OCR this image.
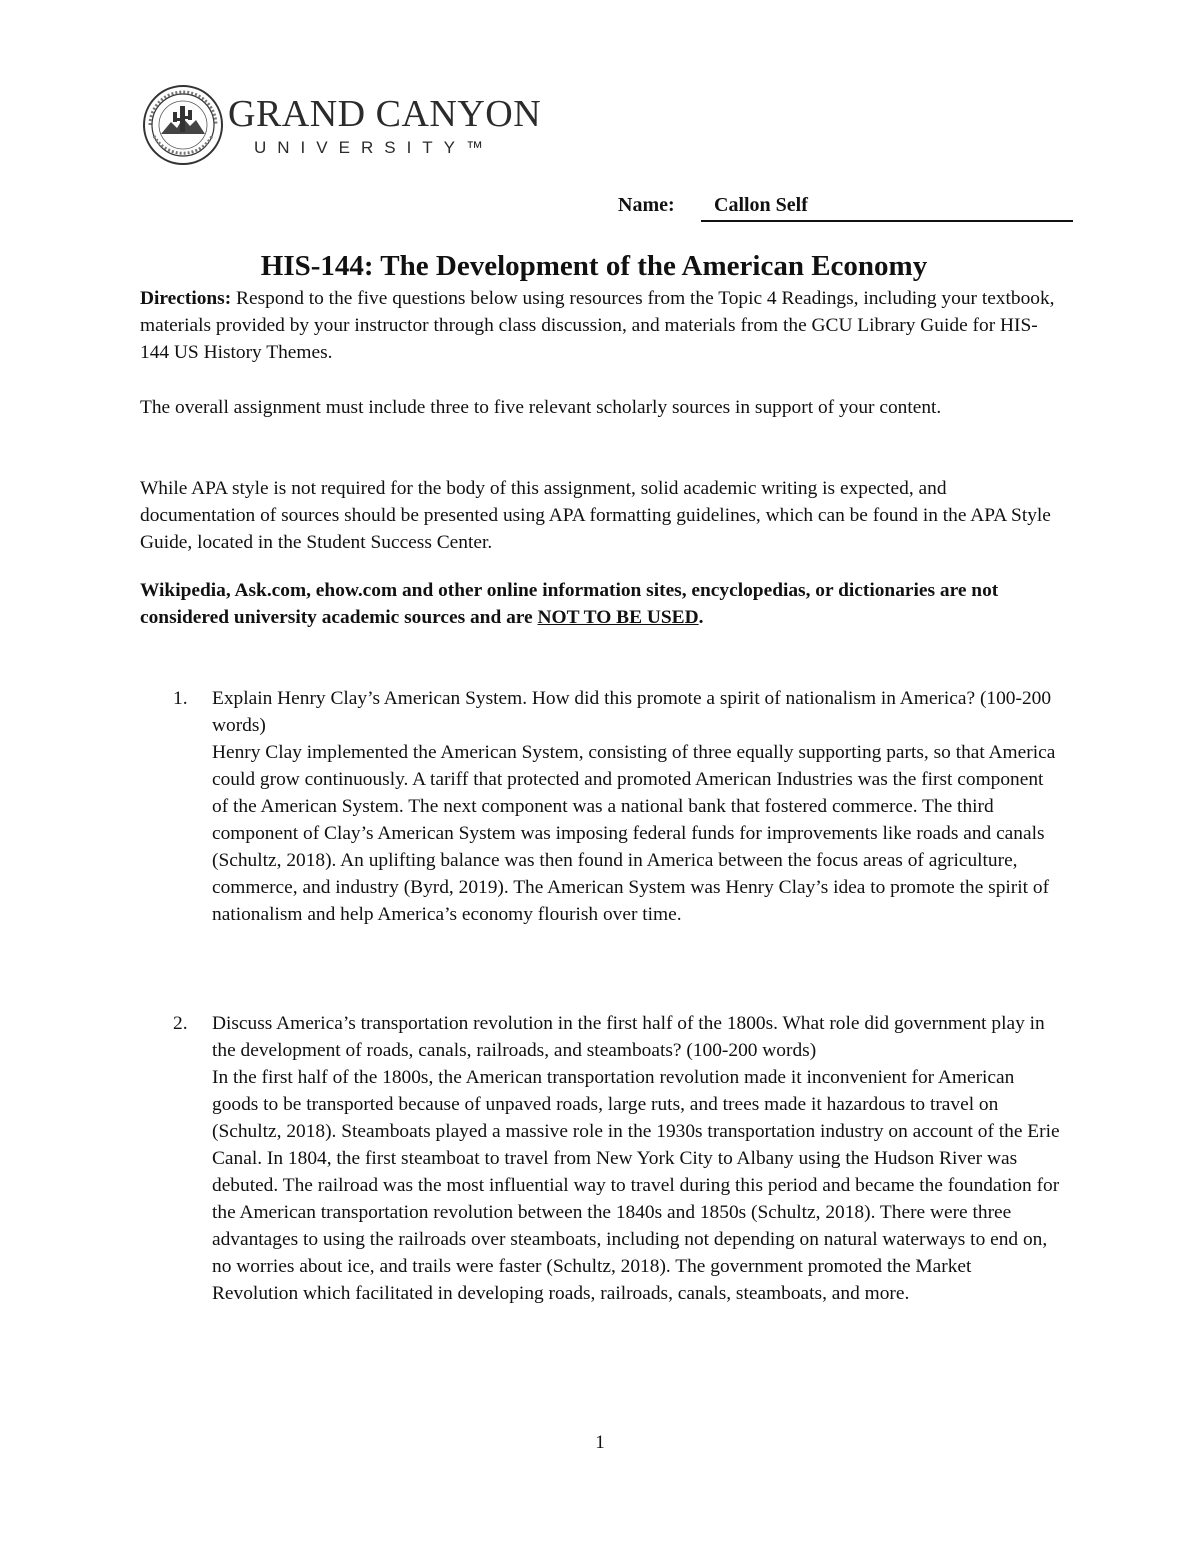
GRAND CANYON
UNIVERSITY™
Name:	Callon Self
HIS-144: The Development of the American Economy

Directions: Respond to the five questions below using resources from the Topic 4 Readings, including your textbook, materials provided by your instructor through class discussion, and materials from the GCU Library Guide for HIS-144 US History Themes.

The overall assignment must include three to five relevant scholarly sources in support of your content.

While APA style is not required for the body of this assignment, solid academic writing is expected, and documentation of sources should be presented using APA formatting guidelines, which can be found in the APA Style Guide, located in the Student Success Center.

Wikipedia, Ask.com, ehow.com and other online information sites, encyclopedias, or dictionaries are not considered university academic sources and are NOT TO BE USED.

1. Explain Henry Clay’s American System. How did this promote a spirit of nationalism in America? (100-200 words)
Henry Clay implemented the American System, consisting of three equally supporting parts, so that America could grow continuously. A tariff that protected and promoted American Industries was the first component of the American System. The next component was a national bank that fostered commerce. The third component of Clay’s American System was imposing federal funds for improvements like roads and canals (Schultz, 2018). An uplifting balance was then found in America between the focus areas of agriculture, commerce, and industry (Byrd, 2019). The American System was Henry Clay’s idea to promote the spirit of nationalism and help America’s economy flourish over time.
2. Discuss America’s transportation revolution in the first half of the 1800s. What role did government play in the development of roads, canals, railroads, and steamboats? (100-200 words)
In the first half of the 1800s, the American transportation revolution made it inconvenient for American goods to be transported because of unpaved roads, large ruts, and trees made it hazardous to travel on (Schultz, 2018). Steamboats played a massive role in the 1930s transportation industry on account of the Erie Canal. In 1804, the first steamboat to travel from New York City to Albany using the Hudson River was debuted. The railroad was the most influential way to travel during this period and became the foundation for the American transportation revolution between the 1840s and 1850s (Schultz, 2018). There were three advantages to using the railroads over steamboats, including not depending on natural waterways to end on, no worries about ice, and trails were faster (Schultz, 2018). The government promoted the Market Revolution which facilitated in developing roads, railroads, canals, steamboats, and more.
1
